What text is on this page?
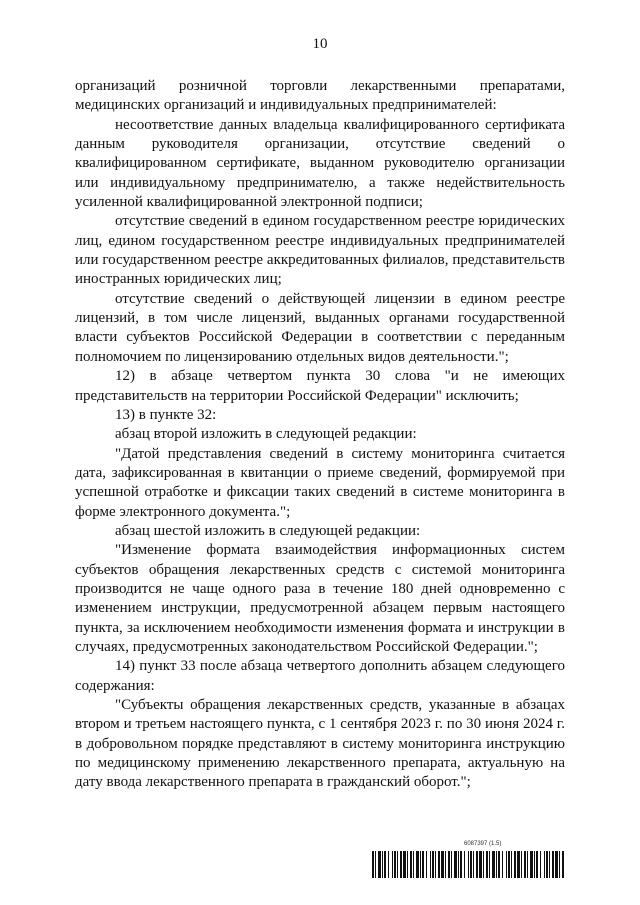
10

организаций розничной торговли лекарственными препаратами, медицинских организаций и индивидуальных предпринимателей:

несоответствие данных владельца квалифицированного сертификата данным руководителя организации, отсутствие сведений о квалифицированном сертификате, выданном руководителю организации или индивидуальному предпринимателю, а также недействительность усиленной квалифицированной электронной подписи;

отсутствие сведений в едином государственном реестре юридических лиц, едином государственном реестре индивидуальных предпринимателей или государственном реестре аккредитованных филиалов, представительств иностранных юридических лиц;

отсутствие сведений о действующей лицензии в едином реестре лицензий, в том числе лицензий, выданных органами государственной власти субъектов Российской Федерации в соответствии с переданным полномочием по лицензированию отдельных видов деятельности.";

12) в абзаце четвертом пункта 30 слова "и не имеющих представительств на территории Российской Федерации" исключить;

13) в пункте 32:

абзац второй изложить в следующей редакции:

"Датой представления сведений в систему мониторинга считается дата, зафиксированная в квитанции о приеме сведений, формируемой при успешной отработке и фиксации таких сведений в системе мониторинга в форме электронного документа.";

абзац шестой изложить в следующей редакции:

"Изменение формата взаимодействия информационных систем субъектов обращения лекарственных средств с системой мониторинга производится не чаще одного раза в течение 180 дней одновременно с изменением инструкции, предусмотренной абзацем первым настоящего пункта, за исключением необходимости изменения формата и инструкции в случаях, предусмотренных законодательством Российской Федерации.";

14) пункт 33 после абзаца четвертого дополнить абзацем следующего содержания:

"Субъекты обращения лекарственных средств, указанные в абзацах втором и третьем настоящего пункта, с 1 сентября 2023 г. по 30 июня 2024 г. в добровольном порядке представляют в систему мониторинга инструкцию по медицинскому применению лекарственного препарата, актуальную на дату ввода лекарственного препарата в гражданский оборот.";

6087397 (1.5)
